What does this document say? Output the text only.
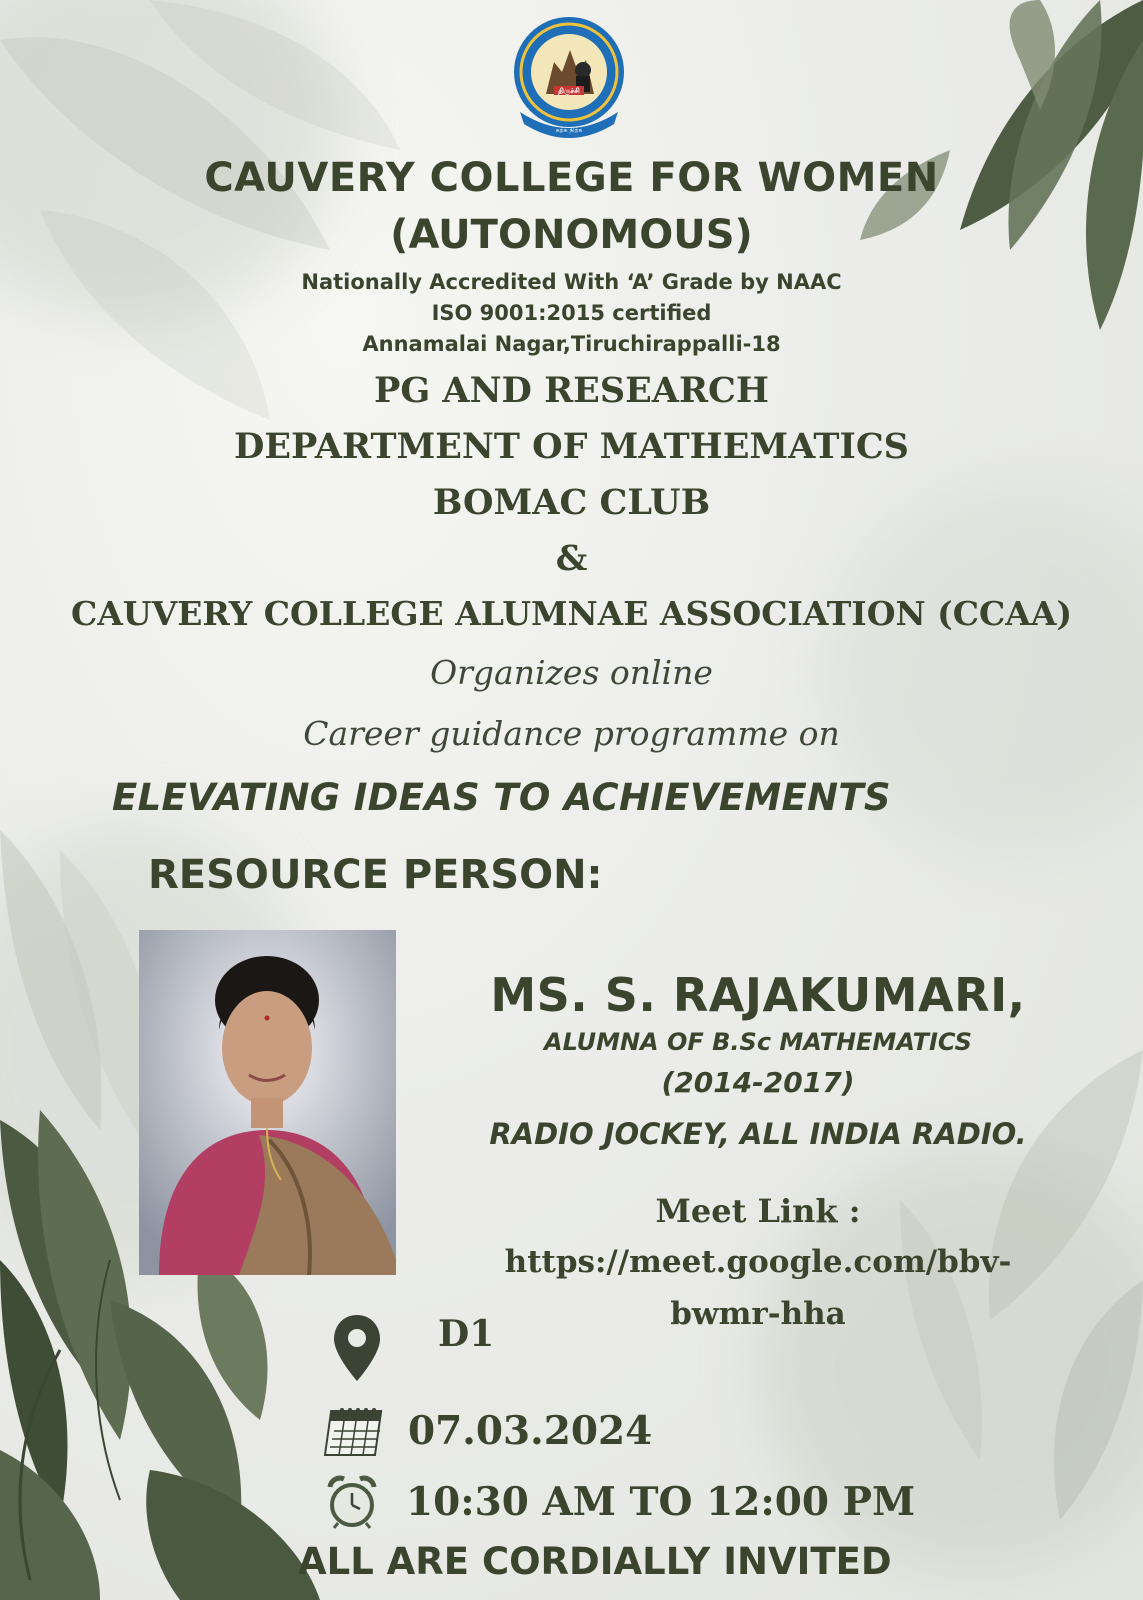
திருச்சி
கற்க நிற்க
CAUVERY COLLEGE FOR WOMEN
(AUTONOMOUS)

Nationally Accredited With ‘A’ Grade by NAAC

ISO 9001:2015 certified

Annamalai Nagar,Tiruchirappalli-18

PG AND RESEARCH

DEPARTMENT OF MATHEMATICS

BOMAC CLUB

&

CAUVERY COLLEGE ALUMNAE ASSOCIATION (CCAA)

Organizes online

Career guidance programme on

ELEVATING IDEAS TO ACHIEVEMENTS

RESOURCE PERSON:

MS. S. RAJAKUMARI,

ALUMNA OF B.Sc MATHEMATICS

(2014-2017)

RADIO JOCKEY, ALL INDIA RADIO.

Meet Link :

https://meet.google.com/bbv-
bwmr-hha
D1
07.03.2024
10:30 AM TO 12:00 PM

ALL ARE CORDIALLY INVITED
